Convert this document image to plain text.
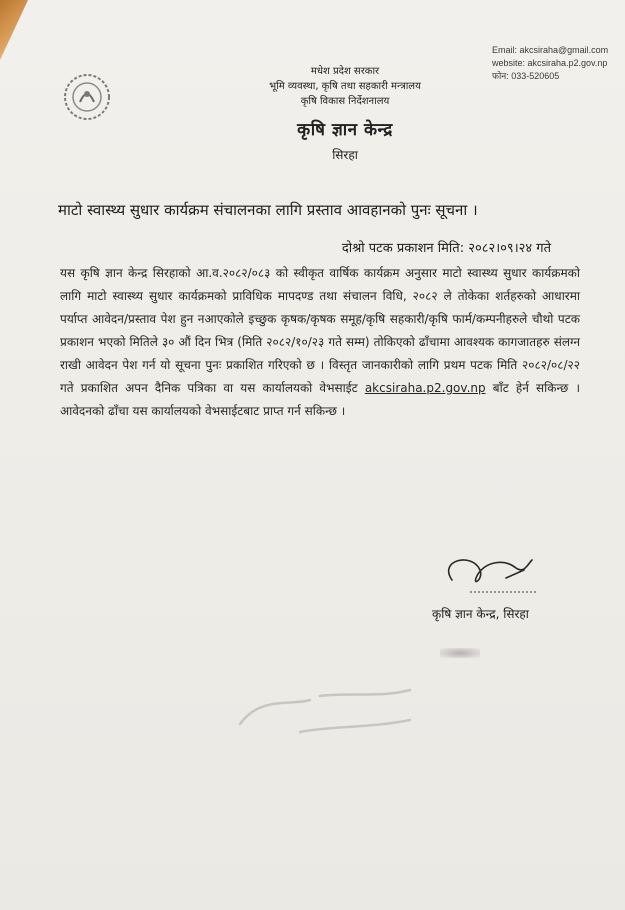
Email: akcsiraha@gmail.com
website: akcsiraha.p2.gov.np
फोन: 033-520605
मधेश प्रदेश सरकार
भूमि व्यवस्था, कृषि तथा सहकारी मन्त्रालय
कृषि विकास निर्देशनालय
कृषि ज्ञान केन्द्र
सिरहा
माटो स्वास्थ्य सुधार कार्यक्रम संचालनका लागि प्रस्ताव आवहानको पुनः सूचना ।
दोश्रो पटक प्रकाशन मिति: २०८२।०९।२४ गते
यस कृषि ज्ञान केन्द्र सिरहाको आ.व.२०८२/०८३ को स्वीकृत वार्षिक कार्यक्रम अनुसार माटो स्वास्थ्य सुधार कार्यक्रमको लागि माटो स्वास्थ्य सुधार कार्यक्रमको प्राविधिक मापदण्ड तथा संचालन विधि, २०८२ ले तोकेका शर्तहरुको आधारमा पर्याप्त आवेदन/प्रस्ताव पेश हुन नआएकोले इच्छुक कृषक/कृषक समूह/कृषि सहकारी/कृषि फार्म/कम्पनीहरुले चौथो पटक प्रकाशन भएको मितिले ३० औं दिन भित्र (मिति २०८२/१०/२३ गते सम्म) तोकिएको ढाँचामा आवश्यक कागजातहरु संलग्न राखी आवेदन पेश गर्न यो सूचना पुनः प्रकाशित गरिएको छ । विस्तृत जानकारीको लागि प्रथम पटक मिति २०८२/०८/२२ गते प्रकाशित अपन दैनिक पत्रिका वा यस कार्यालयको वेभसाईट akcsiraha.p2.gov.np बाँट हेर्न सकिन्छ । आवेदनको ढाँचा यस कार्यालयको वेभसाईटबाट प्राप्त गर्न सकिन्छ ।
कृषि ज्ञान केन्द्र, सिरहा
